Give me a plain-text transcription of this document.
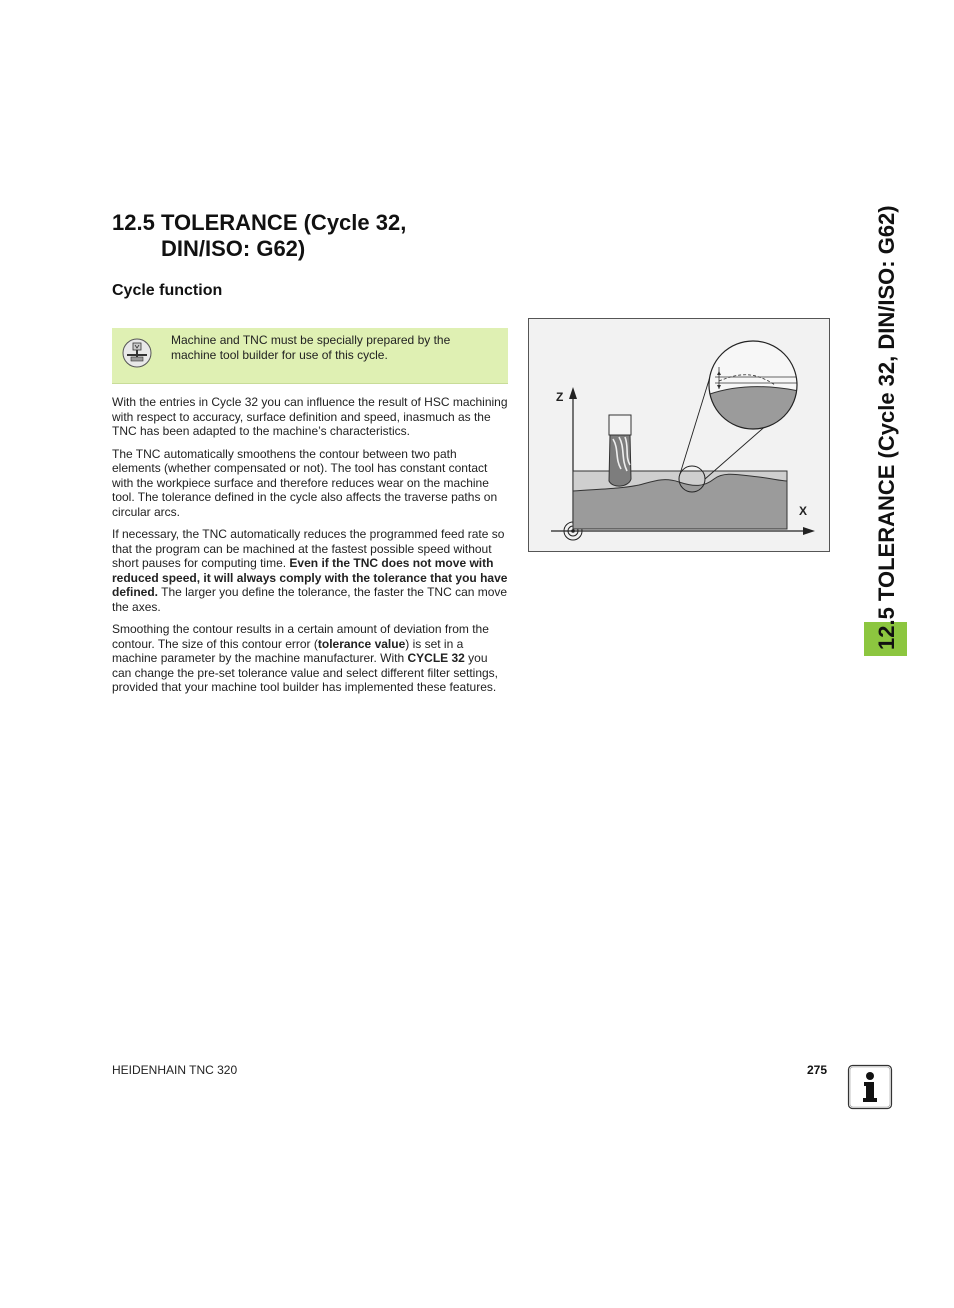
12.5 TOLERANCE (Cycle 32,
DIN/ISO: G62)
Cycle function
Machine and TNC must be specially prepared by the machine tool builder for use of this cycle.

With the entries in Cycle 32 you can influence the result of HSC machining with respect to accuracy, surface definition and speed, inasmuch as the TNC has been adapted to the machine’s characteristics.

The TNC automatically smoothens the contour between two path elements (whether compensated or not). The tool has constant contact with the workpiece surface and therefore reduces wear on the machine tool. The tolerance defined in the cycle also affects the traverse paths on circular arcs.

If necessary, the TNC automatically reduces the programmed feed rate so that the program can be machined at the fastest possible speed without short pauses for computing time. Even if the TNC does not move with reduced speed, it will always comply with the tolerance that you have defined. The larger you define the tolerance, the faster the TNC can move the axes.

Smoothing the contour results in a certain amount of deviation from the contour. The size of this contour error (tolerance value) is set in a machine parameter by the machine manufacturer. With CYCLE 32 you can change the pre-set tolerance value and select different filter settings, provided that your machine tool builder has implemented these features.

Z
X	12.5 TOLERANCE (Cycle 32, DIN/ISO: G62)
HEIDENHAIN TNC 320	275
